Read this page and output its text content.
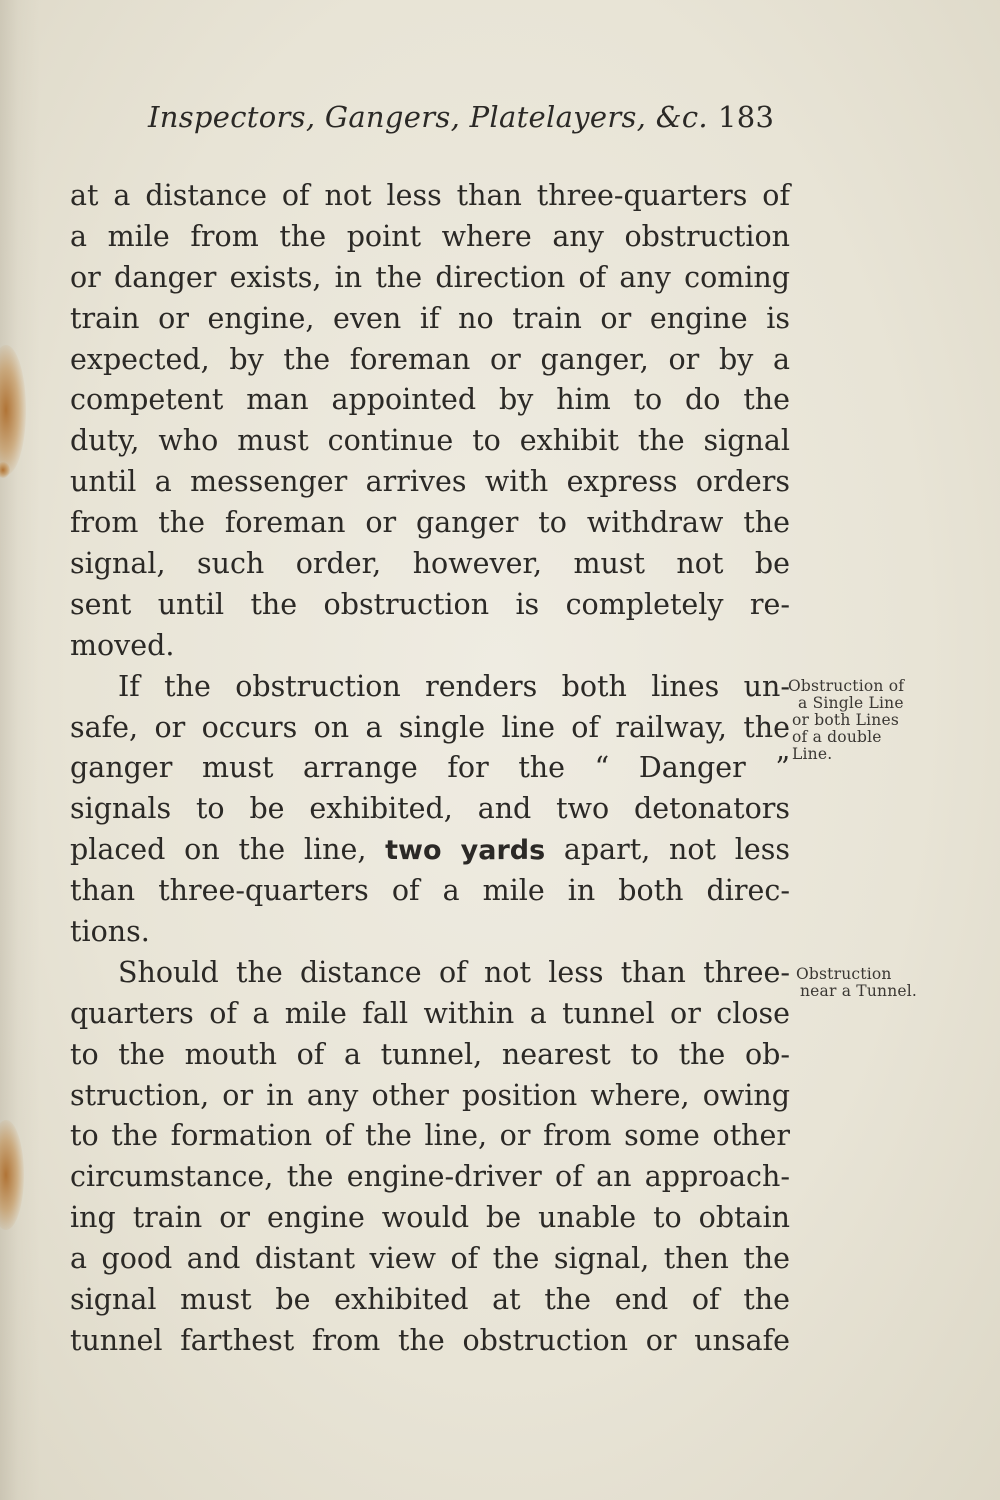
Inspectors, Gangers, Platelayers, &c. 183
at a distance of not less than three-quarters of
a mile from the point where any obstruction
or danger exists, in the direction of any coming
train or engine, even if no train or engine is
expected, by the foreman or ganger, or by a
competent man appointed by him to do the
duty, who must continue to exhibit the signal
until a messenger arrives with express orders
from the foreman or ganger to withdraw the
signal, such order, however, must not be
sent until the obstruction is completely re-
moved.
If the obstruction renders both lines un-
safe, or occurs on a single line of railway, the
ganger must arrange for the “ Danger ”
signals to be exhibited, and two detonators
placed on the line, two yards apart, not less
than three-quarters of a mile in both direc-
tions.
Should the distance of not less than three-
quarters of a mile fall within a tunnel or close
to the mouth of a tunnel, nearest to the ob-
struction, or in any other position where, owing
to the formation of the line, or from some other
circumstance, the engine-driver of an approach-
ing train or engine would be unable to obtain
a good and distant view of the signal, then the
signal must be exhibited at the end of the
tunnel farthest from the obstruction or unsafe
Obstruction of
a Single Line
or both Lines
of a double
Line.
Obstruction
near a Tunnel.
